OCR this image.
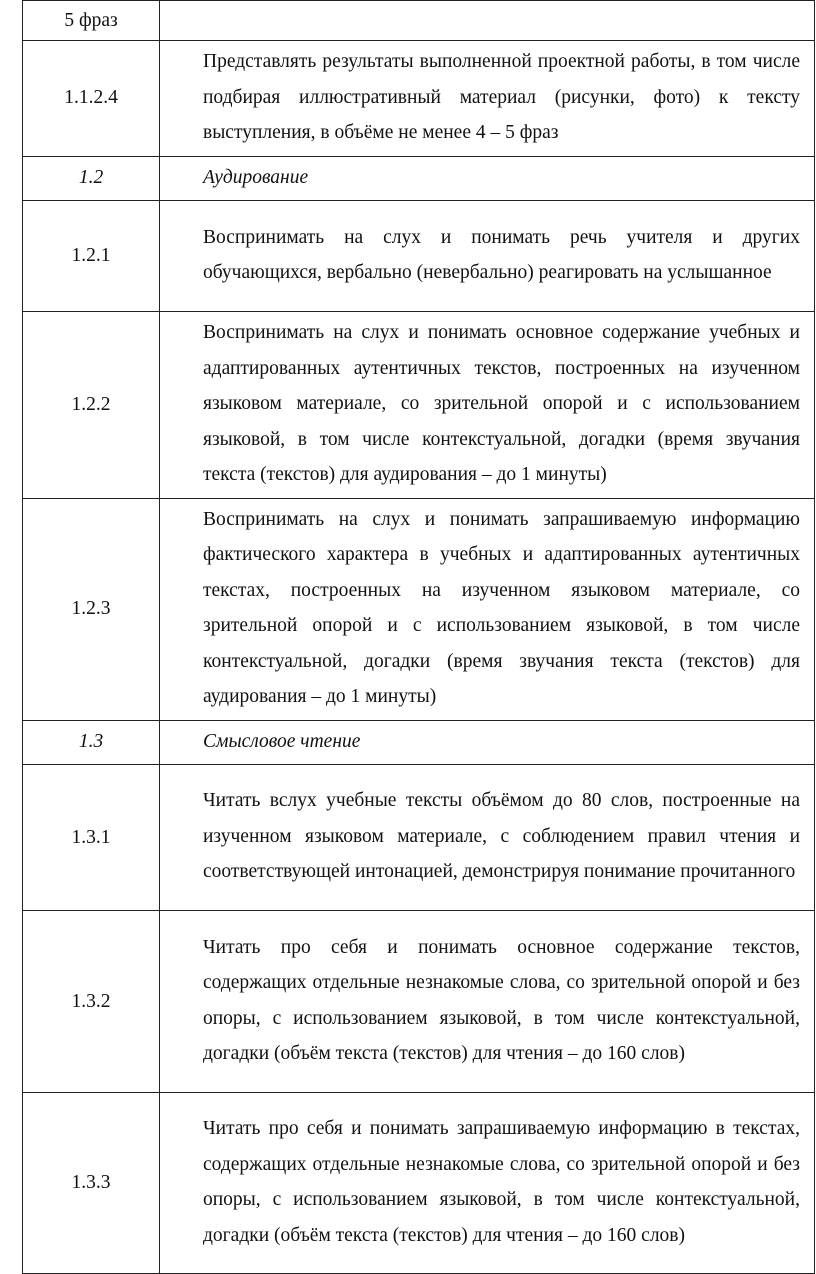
5 фраз	
1.1.2.4	Представлять результаты выполненной проектной работы, в том числе подбирая иллюстративный материал (рисунки, фото) к тексту выступления, в объёме не менее 4 – 5 фраз
1.2	Аудирование
1.2.1	Воспринимать на слух и понимать речь учителя и других обучающихся, вербально (невербально) реагировать на услышанное
1.2.2	Воспринимать на слух и понимать основное содержание учебных и адаптированных аутентичных текстов, построенных на изученном языковом материале, со зрительной опорой и с использованием языковой, в том числе контекстуальной, догадки (время звучания текста (текстов) для аудирования – до 1 минуты)
1.2.3	Воспринимать на слух и понимать запрашиваемую информацию фактического характера в учебных и адаптированных аутентичных текстах, построенных на изученном языковом материале, со зрительной опорой и с использованием языковой, в том числе контекстуальной, догадки (время звучания текста (текстов) для аудирования – до 1 минуты)
1.3	Смысловое чтение
1.3.1	Читать вслух учебные тексты объёмом до 80 слов, построенные на изученном языковом материале, с соблюдением правил чтения и соответствующей интонацией, демонстрируя понимание прочитанного
1.3.2	Читать про себя и понимать основное содержание текстов, содержащих отдельные незнакомые слова, со зрительной опорой и без опоры, с использованием языковой, в том числе контекстуальной, догадки (объём текста (текстов) для чтения – до 160 слов)
1.3.3	Читать про себя и понимать запрашиваемую информацию в текстах, содержащих отдельные незнакомые слова, со зрительной опорой и без опоры, с использованием языковой, в том числе контекстуальной, догадки (объём текста (текстов) для чтения – до 160 слов)
